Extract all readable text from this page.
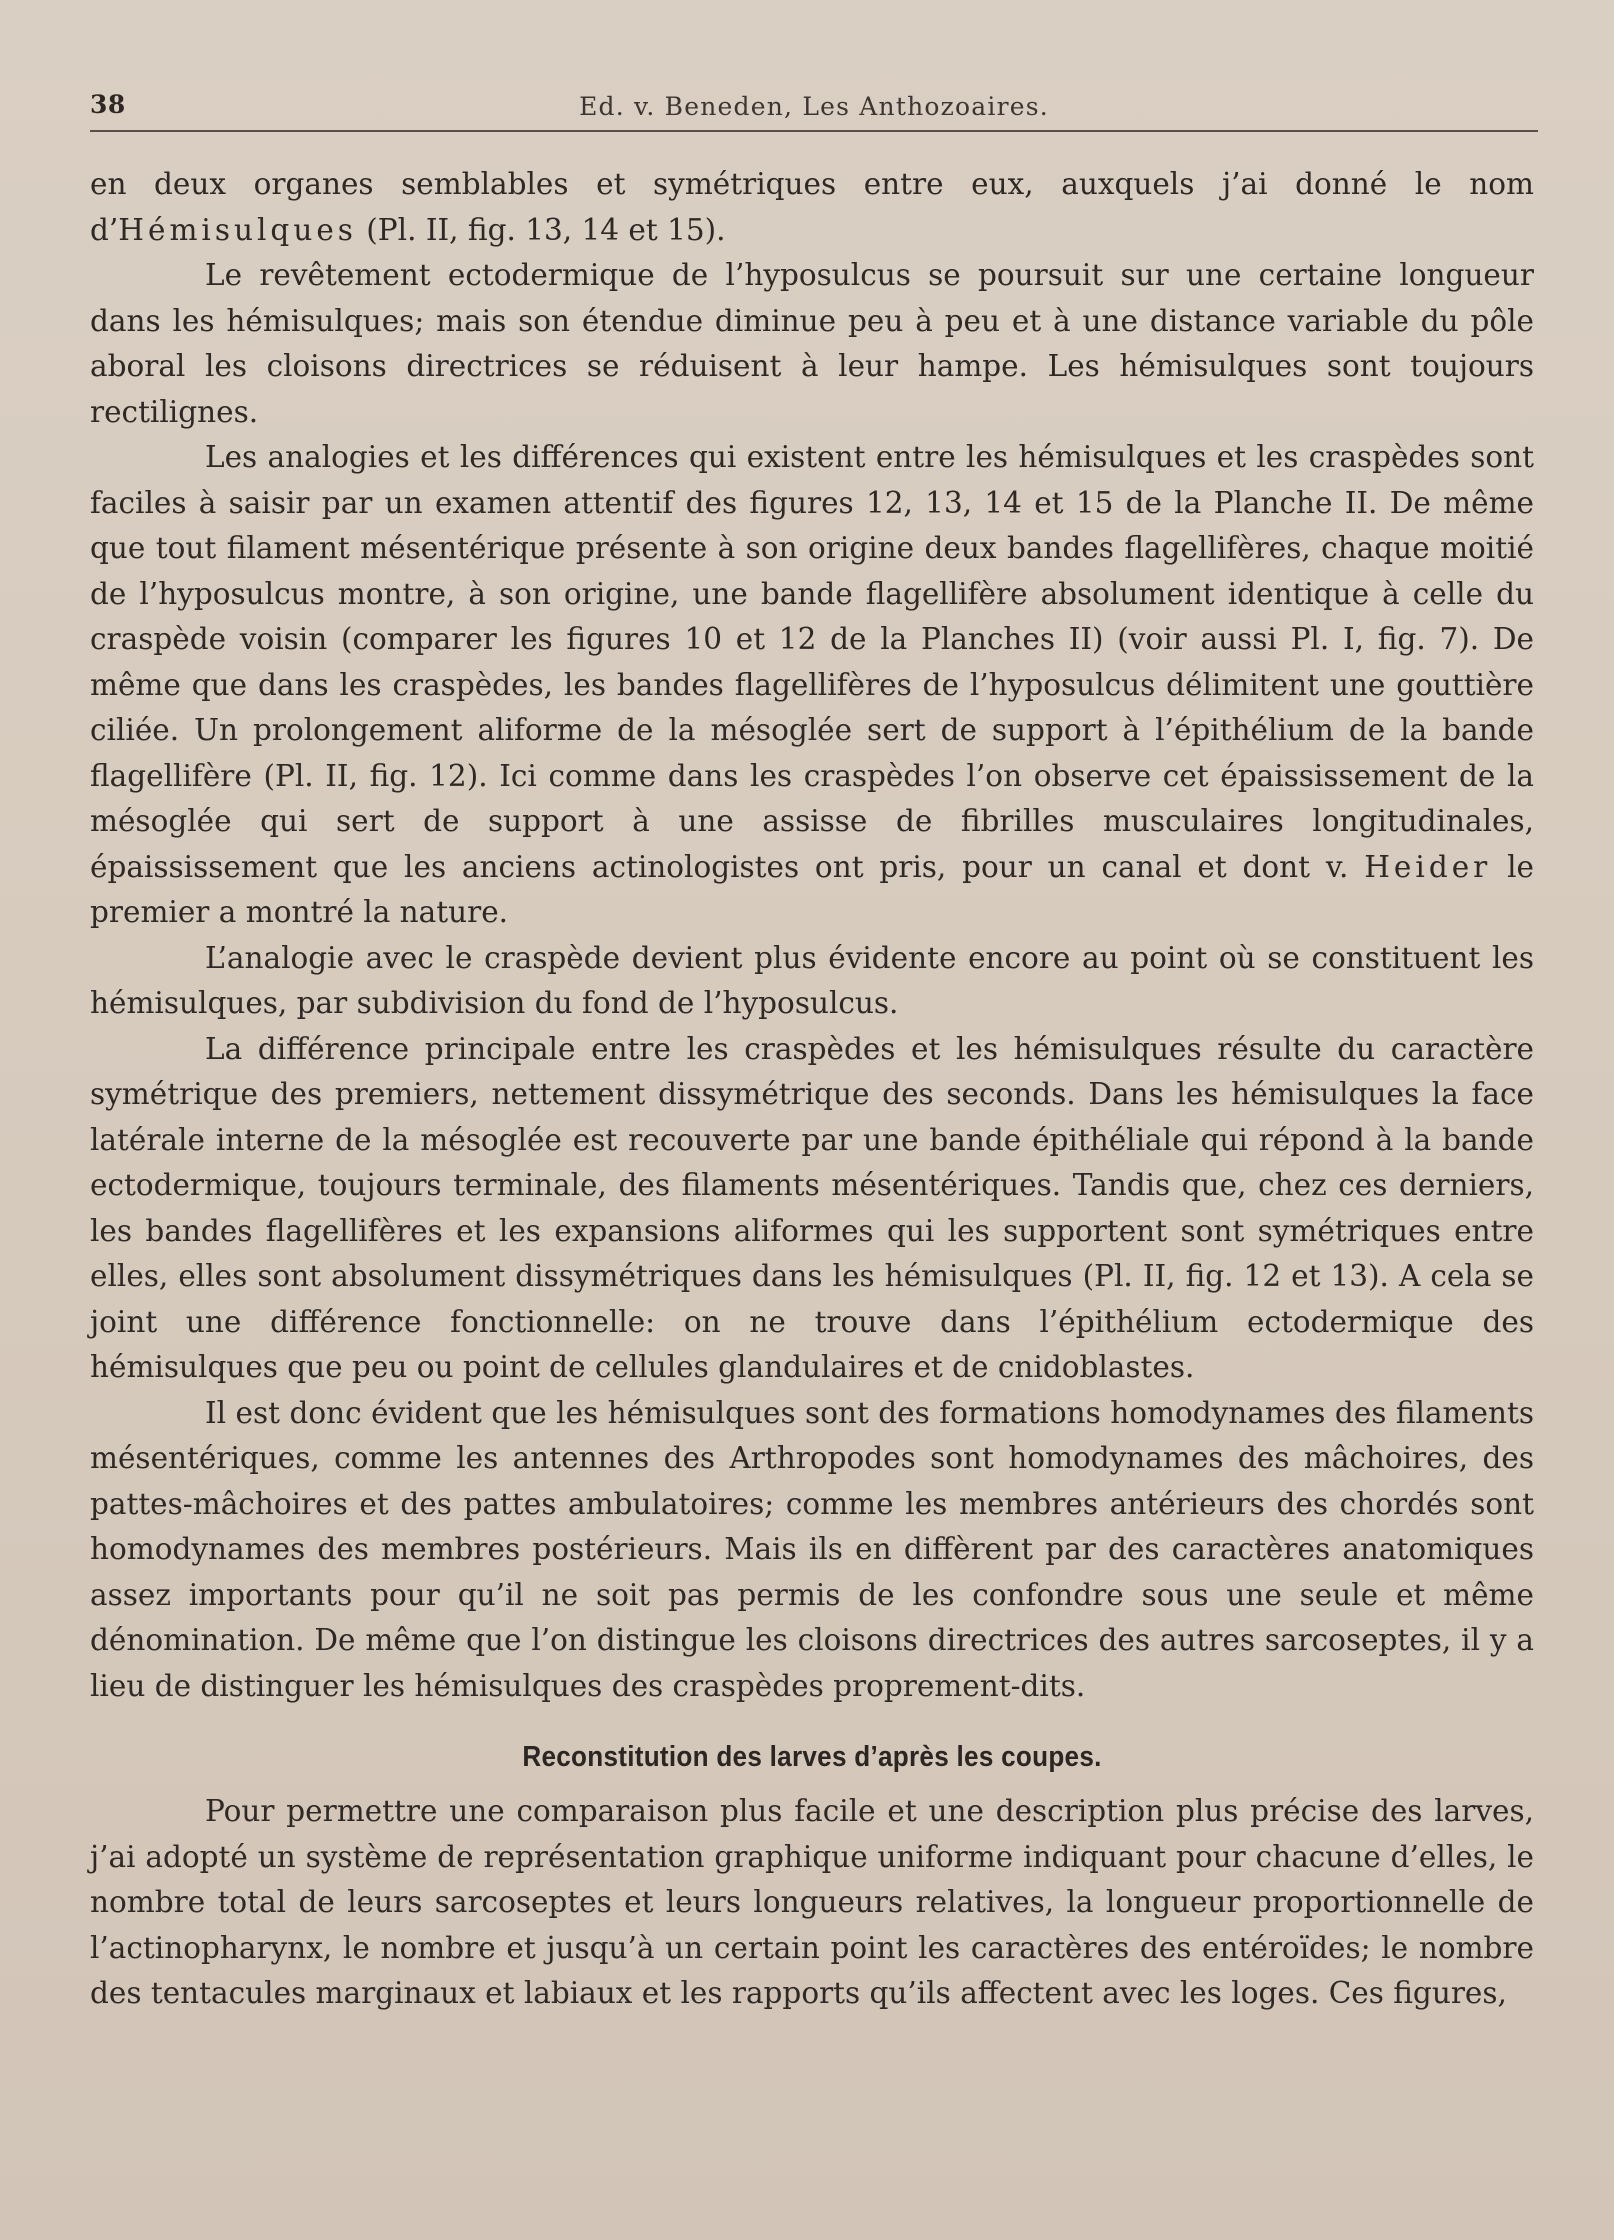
38	Ed. v. Beneden, Les Anthozoaires.

en deux organes semblables et symétriques entre eux, auxquels j’ai donné le nom d’Hémisulques (Pl. II, fig. 13, 14 et 15).

Le revêtement ectodermique de l’hyposulcus se poursuit sur une certaine longueur dans les hémisulques; mais son étendue diminue peu à peu et à une distance variable du pôle aboral les cloisons directrices se réduisent à leur hampe. Les hémisulques sont toujours rectilignes.

Les analogies et les différences qui existent entre les hémisulques et les craspèdes sont faciles à saisir par un examen attentif des figures 12, 13, 14 et 15 de la Planche II. De même que tout filament mésentérique présente à son origine deux bandes flagellifères, chaque moitié de l’hyposulcus montre, à son origine, une bande flagellifère absolument identique à celle du craspède voisin (comparer les figures 10 et 12 de la Planches II) (voir aussi Pl. I, fig. 7). De même que dans les craspèdes, les bandes flagellifères de l’hyposulcus délimitent une gouttière ciliée. Un prolongement aliforme de la mésoglée sert de support à l’épithélium de la bande flagellifère (Pl. II, fig. 12). Ici comme dans les craspèdes l’on observe cet épaississement de la mésoglée qui sert de support à une assisse de fibrilles musculaires longitudinales, épaississement que les anciens actinologistes ont pris, pour un canal et dont v. Heider le premier a montré la nature.

L’analogie avec le craspède devient plus évidente encore au point où se constituent les hémisulques, par subdivision du fond de l’hyposulcus.

La différence principale entre les craspèdes et les hémisulques résulte du caractère symétrique des premiers, nettement dissymétrique des seconds. Dans les hémisulques la face latérale interne de la mésoglée est recouverte par une bande épithéliale qui répond à la bande ectodermique, toujours terminale, des filaments mésentériques. Tandis que, chez ces derniers, les bandes flagellifères et les expansions aliformes qui les supportent sont symétriques entre elles, elles sont absolument dissymétriques dans les hémisulques (Pl. II, fig. 12 et 13). A cela se joint une différence fonctionnelle: on ne trouve dans l’épithélium ectodermique des hémisulques que peu ou point de cellules glandulaires et de cnidoblastes.

Il est donc évident que les hémisulques sont des formations homodynames des filaments mésentériques, comme les antennes des Arthropodes sont homodynames des mâchoires, des pattes-mâchoires et des pattes ambulatoires; comme les membres antérieurs des chordés sont homodynames des membres postérieurs. Mais ils en diffèrent par des caractères anatomiques assez importants pour qu’il ne soit pas permis de les confondre sous une seule et même dénomination. De même que l’on distingue les cloisons directrices des autres sarcoseptes, il y a lieu de distinguer les hémisulques des craspèdes proprement-dits.

Reconstitution des larves d’après les coupes.

Pour permettre une comparaison plus facile et une description plus précise des larves, j’ai adopté un système de représentation graphique uniforme indiquant pour chacune d’elles, le nombre total de leurs sarcoseptes et leurs longueurs relatives, la longueur proportionnelle de l’actinopharynx, le nombre et jusqu’à un certain point les caractères des entéroïdes; le nombre des tentacules marginaux et labiaux et les rapports qu’ils affectent avec les loges. Ces figures,
